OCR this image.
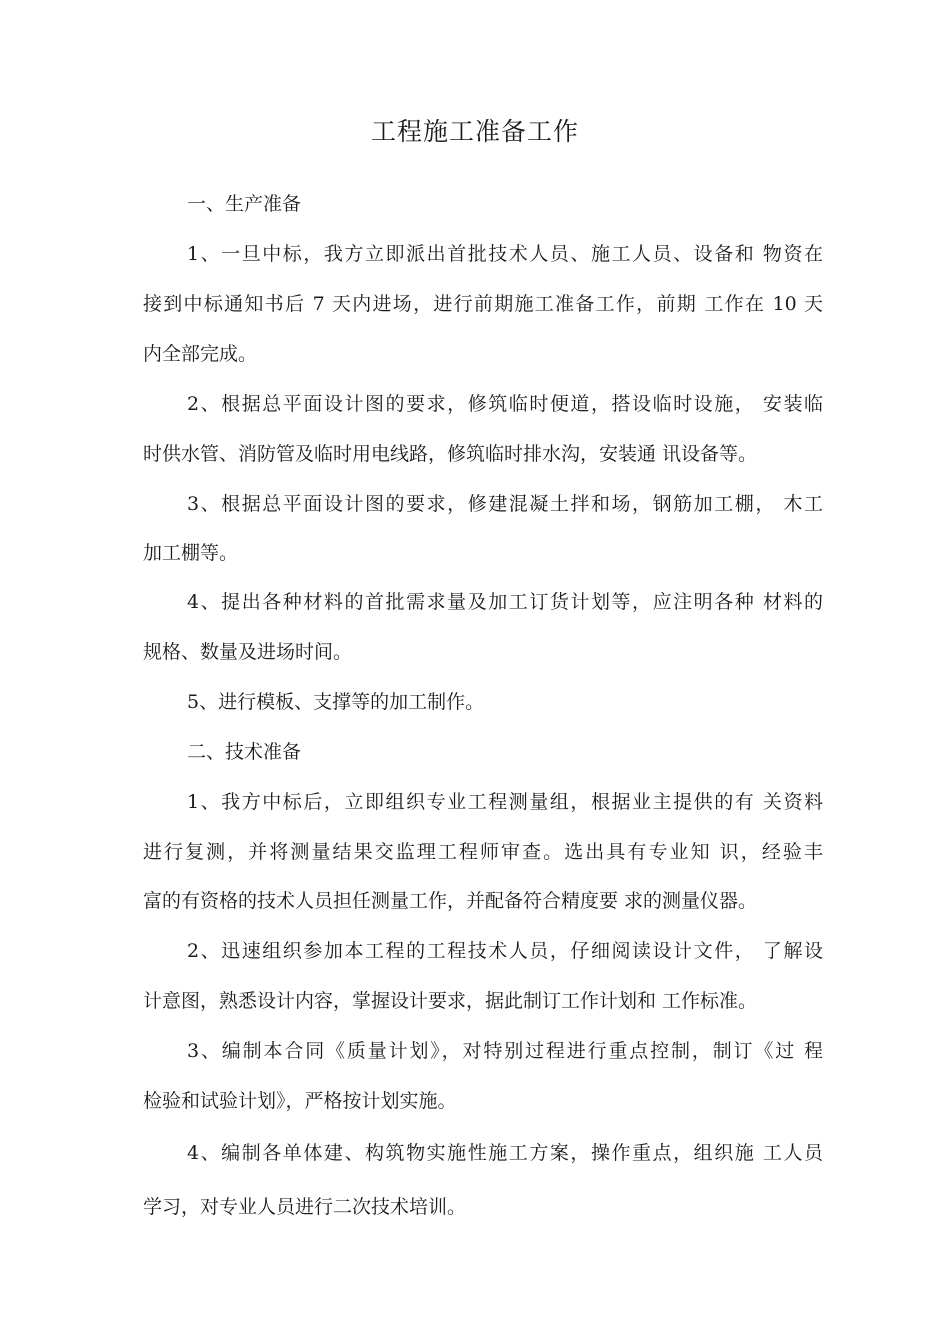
工程施工准备工作

一、生产准备

1、一旦中标，我方立即派出首批技术人员、施工人员、设备和 物资在

接到中标通知书后 7 天内进场，进行前期施工准备工作，前期 工作在 10 天

内全部完成。

2、根据总平面设计图的要求，修筑临时便道，搭设临时设施， 安装临

时供水管、消防管及临时用电线路，修筑临时排水沟，安装通 讯设备等。

3、根据总平面设计图的要求，修建混凝土拌和场，钢筋加工棚， 木工

加工棚等。

4、提出各种材料的首批需求量及加工订货计划等，应注明各种 材料的

规格、数量及进场时间。

5、进行模板、支撑等的加工制作。

二、技术准备

1、我方中标后，立即组织专业工程测量组，根据业主提供的有 关资料

进行复测，并将测量结果交监理工程师审查。选出具有专业知 识，经验丰

富的有资格的技术人员担任测量工作，并配备符合精度要 求的测量仪器。

2、迅速组织参加本工程的工程技术人员，仔细阅读设计文件， 了解设

计意图，熟悉设计内容，掌握设计要求，据此制订工作计划和 工作标准。

3、编制本合同《质量计划》，对特别过程进行重点控制，制订《过 程

检验和试验计划》，严格按计划实施。

4、编制各单体建、构筑物实施性施工方案，操作重点，组织施 工人员

学习，对专业人员进行二次技术培训。
